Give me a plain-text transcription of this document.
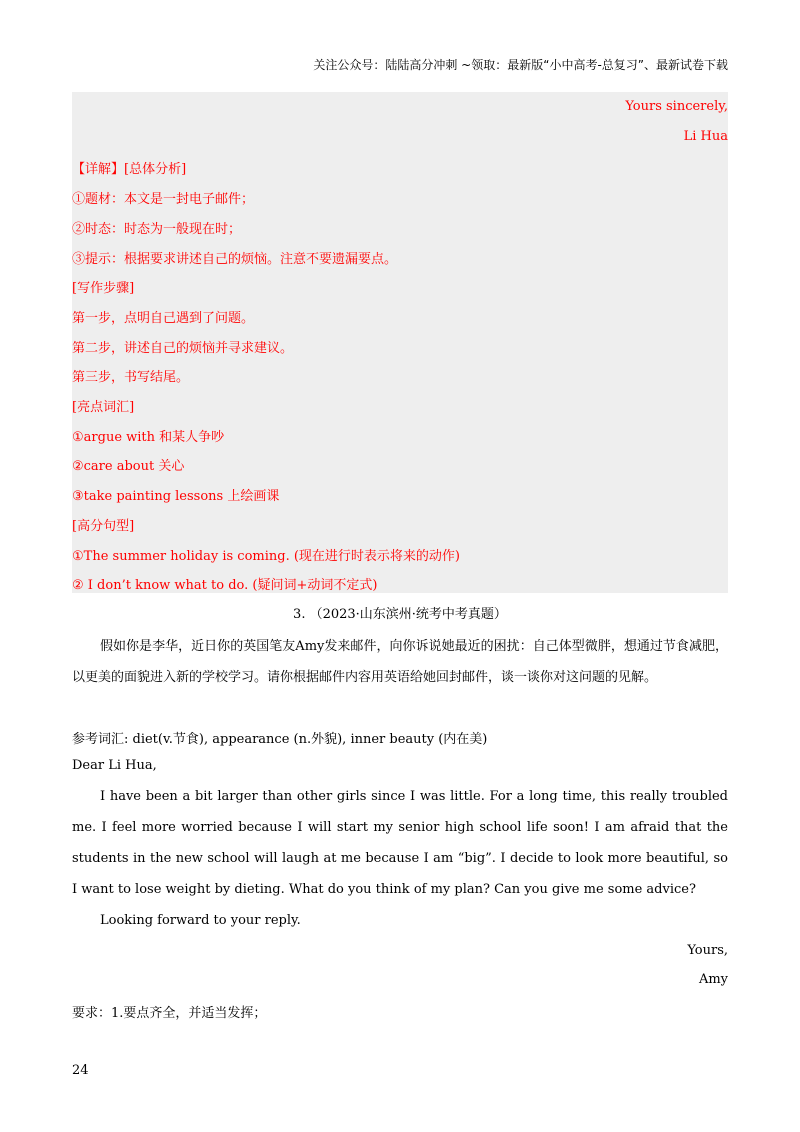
关注公众号：陆陆高分冲刺 ~领取：最新版“小中高考-总复习”、最新试卷下载
Yours sincerely,
Li Hua
【详解】[总体分析]
①题材：本文是一封电子邮件；
②时态：时态为一般现在时；
③提示：根据要求讲述自己的烦恼。注意不要遗漏要点。
[写作步骤]
第一步，点明自己遇到了问题。
第二步，讲述自己的烦恼并寻求建议。
第三步，书写结尾。
[亮点词汇]
①argue with 和某人争吵
②care about 关心
③take painting lessons 上绘画课
[高分句型]
①The summer holiday is coming. (现在进行时表示将来的动作)
② I don’t know what to do. (疑问词+动词不定式)
3. （2023·山东滨州·统考中考真题）
假如你是李华，近日你的英国笔友Amy发来邮件，向你诉说她最近的困扰：自己体型微胖，想通过节食减肥，以更美的面貌进入新的学校学习。请你根据邮件内容用英语给她回封邮件，谈一谈你对这问题的见解。
参考词汇: diet(v.节食), appearance (n.外貌), inner beauty (内在美)
Dear Li Hua,
I have been a bit larger than other girls since I was little. For a long time, this really troubled me. I feel more worried because I will start my senior high school life soon! I am afraid that the students in the new school will laugh at me because I am “big”. I decide to look more beautiful, so I want to lose weight by dieting. What do you think of my plan? Can you give me some advice?
Looking forward to your reply.
Yours,
Amy
要求：1.要点齐全，并适当发挥；
24
